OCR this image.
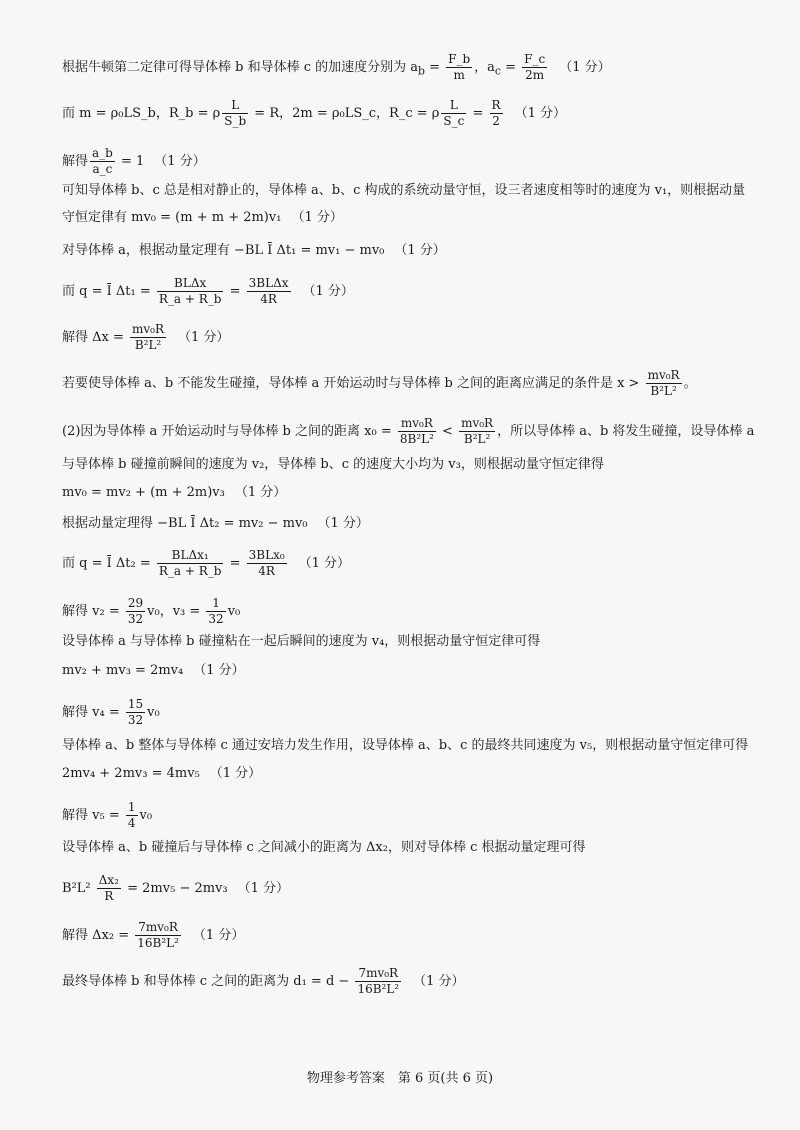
根据牛顿第二定律可得导体棒 b 和导体棒 c 的加速度分别为 $a_b = \frac{F\_b}{m}$ ，$a_c = \frac{F\_c}{2m} (1$ 分）
而 m = ρ₀LS_b，R_b = ρ $\frac{L}{S\_b} = R$，2m = ρ₀LS_c，R_c = ρ $\frac{L}{S\_c} = \frac{R}{2} (1$ 分）
解得 $\frac{a\_b}{a\_c} = 1$ （1 分）
可知导体棒 b、c 总是相对静止的，导体棒 a、b、c 构成的系统动量守恒，设三者速度相等时的速度为 v₁，则根据动量
守恒定律有 mv₀ = (m + m + 2m)v₁ （1 分）
对导体棒 a，根据动量定理有 −BL Ī Δt₁ = mv₁ − mv₀ （1 分）
而 q = Ī $\Delta t_1 = \frac{\text{BLΔx}}{R\_a + R\_b} = \frac{\text{3BLΔx}}{4R} (1$ 分）
解得 $\Delta x = \frac{\text{mv₀R}}{\text{B²L²}} (1$ 分）
若要使导体棒 a、b 不能发生碰撞，导体棒 a 开始运动时与导体棒 b 之间的距离应满足的条件是 $x > \frac{\text{mv₀R}}{\text{B²L²}}$ 。
(2)因为导体棒 a 开始运动时与导体棒 b 之间的距离 $x_0 = \frac{\text{mv₀R}}{\text{8B²L²}} < \frac{\text{mv₀R}}{\text{B²L²}}$ ，所以导体棒 a、b 将发生碰撞，设导体棒 a
与导体棒 b 碰撞前瞬间的速度为 v₂，导体棒 b、c 的速度大小均为 v₃，则根据动量守恒定律得
mv₀ = mv₂ + (m + 2m)v₃ （1 分）
根据动量定理得 −BL Ī Δt₂ = mv₂ − mv₀ （1 分）
而 q = Ī $\Delta t_2 = \frac{\text{BLΔx₁}}{R\_a + R\_b} = \frac{\text{3BLx₀}}{4R} (1$ 分）
解得 $v_2 = \frac{29}{32} v_0$，$v_3 = \frac{1}{32} v_0$
设导体棒 a 与导体棒 b 碰撞粘在一起后瞬间的速度为 v₄，则根据动量守恒定律可得
mv₂ + mv₃ = 2mv₄ （1 分）
解得 $v_4 = \frac{15}{32} v_0$
导体棒 a、b 整体与导体棒 c 通过安培力发生作用，设导体棒 a、b、c 的最终共同速度为 v₅，则根据动量守恒定律可得
2mv₄ + 2mv₃ = 4mv₅ （1 分）
解得 $v_5 = \frac{1}{4} v_0$
设导体棒 a、b 碰撞后与导体棒 c 之间减小的距离为 Δx₂，则对导体棒 c 根据动量定理可得
$B^2L^2 \frac{\text{Δx₂}}{R} = 2mv_5 - 2mv_3$ （1 分）
解得 $\Delta x_2 = \frac{\text{7mv₀R}}{\text{16B²L²}} (1$ 分）
最终导体棒 b 和导体棒 c 之间的距离为 $d_1 = d - \frac{\text{7mv₀R}}{\text{16B²L²}} (1$ 分）
物理参考答案　第 6 页(共 6 页)
